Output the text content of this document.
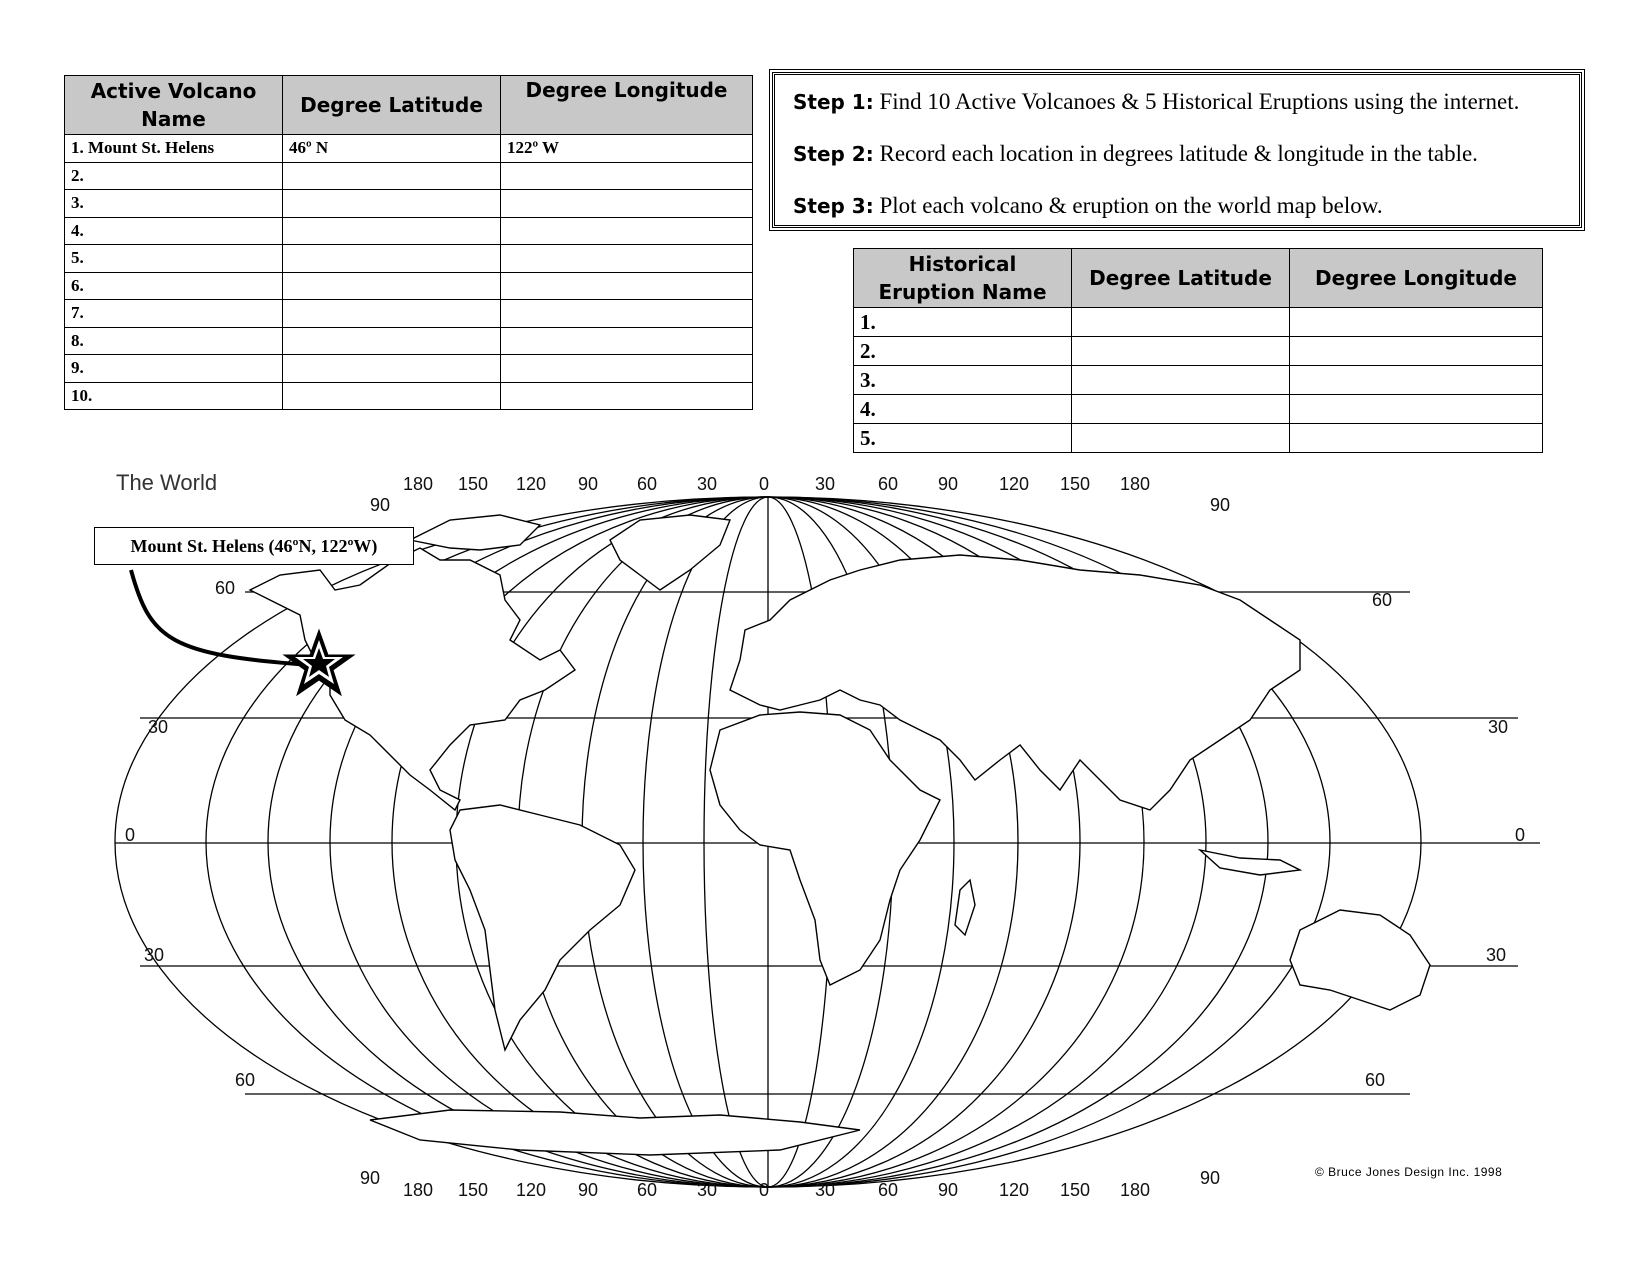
Active Volcano Name	Degree Latitude	Degree Longitude
1. Mount St. Helens	46º N	122º W
2.		
3.		
4.		
5.		
6.		
7.		
8.		
9.		
10.		
Step 1: Find 10 Active Volcanoes & 5 Historical Eruptions using the internet.
Step 2: Record each location in degrees latitude & longitude in the table.
Step 3: Plot each volcano & eruption on the world map below.
Historical Eruption Name	Degree Latitude	Degree Longitude
1.		
2.		
3.		
4.		
5.		
The World	180
180
150
150
120
120
90
90
60
60
30
30
0
0
30
30
60
60
90
90
120
120
150
150
180
180
90	90
90	90
60
60
60	60
30	30
30	30
0	0
Mount St. Helens (46ºN, 122ºW)
© Bruce Jones Design Inc. 1998
